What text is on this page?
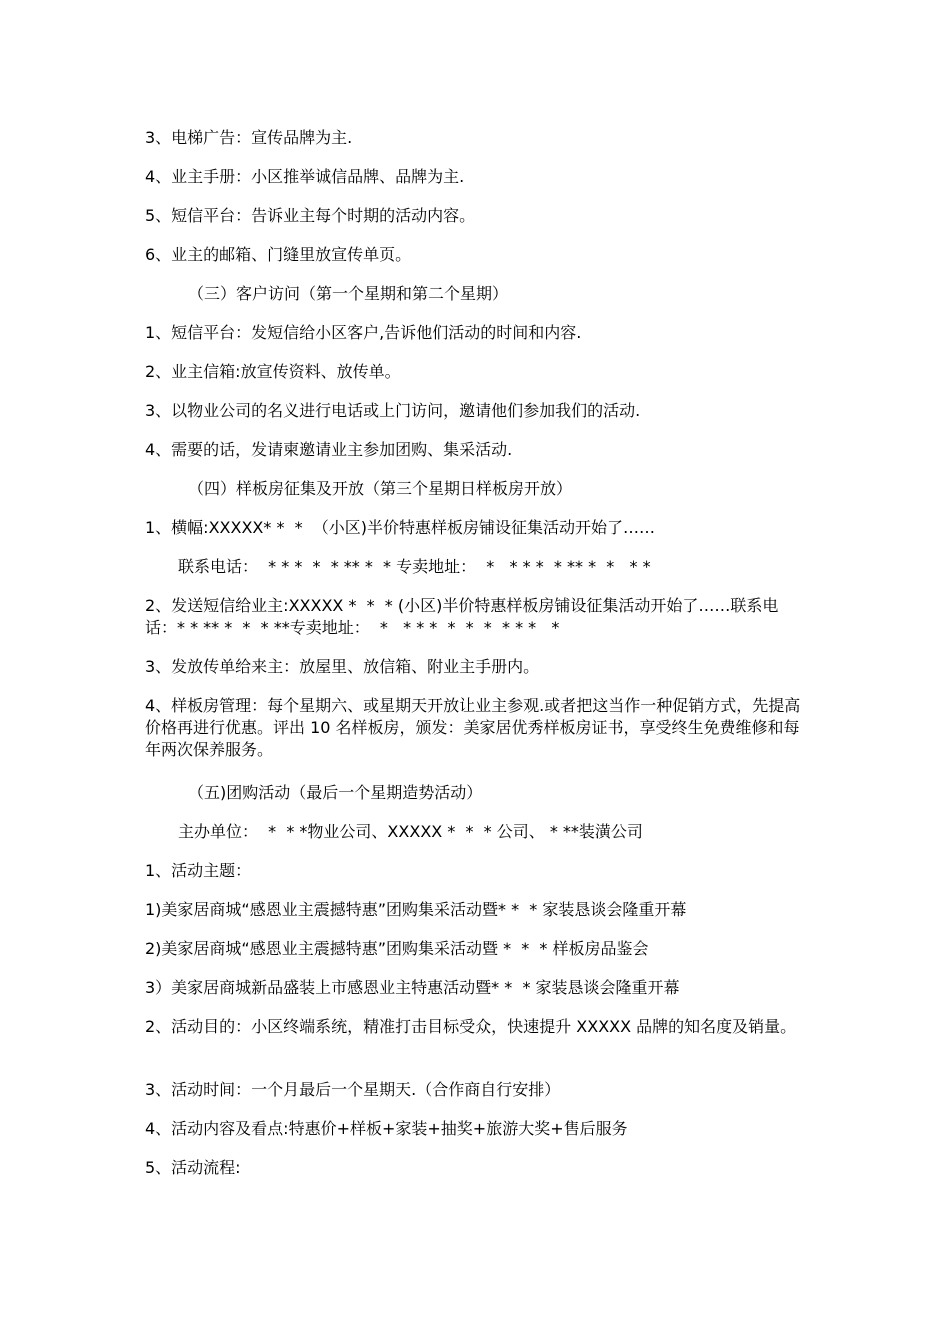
3、电梯广告：宣传品牌为主.

4、业主手册：小区推举诚信品牌、品牌为主.

5、短信平台：告诉业主每个时期的活动内容。

6、业主的邮箱、门缝里放宣传单页。

（三）客户访问（第一个星期和第二个星期）

1、短信平台：发短信给小区客户,告诉他们活动的时间和内容.

2、业主信箱:放宣传资料、放传单。

3、以物业公司的名义进行电话或上门访问，邀请他们参加我们的活动.

4、需要的话，发请柬邀请业主参加团购、集采活动.

（四）样板房征集及开放（第三个星期日样板房开放）

1、横幅:XXXXX* *  *  （小区)半价特惠样板房铺设征集活动开始了……

联系电话：  * * *  *  * ** *  * 专卖地址：  *   * * *  * ** *  *   * *

2、发送短信给业主:XXXXX *  *  * (小区)半价特惠样板房铺设征集活动开始了……联系电话：* * ** *  *  * **专卖地址：  *   * * *  *  *  *  * * *   *

3、发放传单给来主：放屋里、放信箱、附业主手册内。

4、样板房管理：每个星期六、或星期天开放让业主参观.或者把这当作一种促销方式，先提高价格再进行优惠。评出 10 名样板房，颁发：美家居优秀样板房证书，享受终生免费维修和每年两次保养服务。

（五)团购活动（最后一个星期造势活动）

主办单位：  *  * *物业公司、XXXXX *  *  * 公司、 * **装潢公司

1、活动主题：

1)美家居商城“感恩业主震撼特惠”团购集采活动暨* *  * 家装恳谈会隆重开幕

2)美家居商城“感恩业主震撼特惠”团购集采活动暨 *  *  * 样板房品鉴会

3）美家居商城新品盛装上市感恩业主特惠活动暨* *  * 家装恳谈会隆重开幕

2、活动目的：小区终端系统，精准打击目标受众，快速提升 XXXXX 品牌的知名度及销量。

3、活动时间：一个月最后一个星期天.（合作商自行安排）

4、活动内容及看点:特惠价+样板+家装+抽奖+旅游大奖+售后服务

5、活动流程:
